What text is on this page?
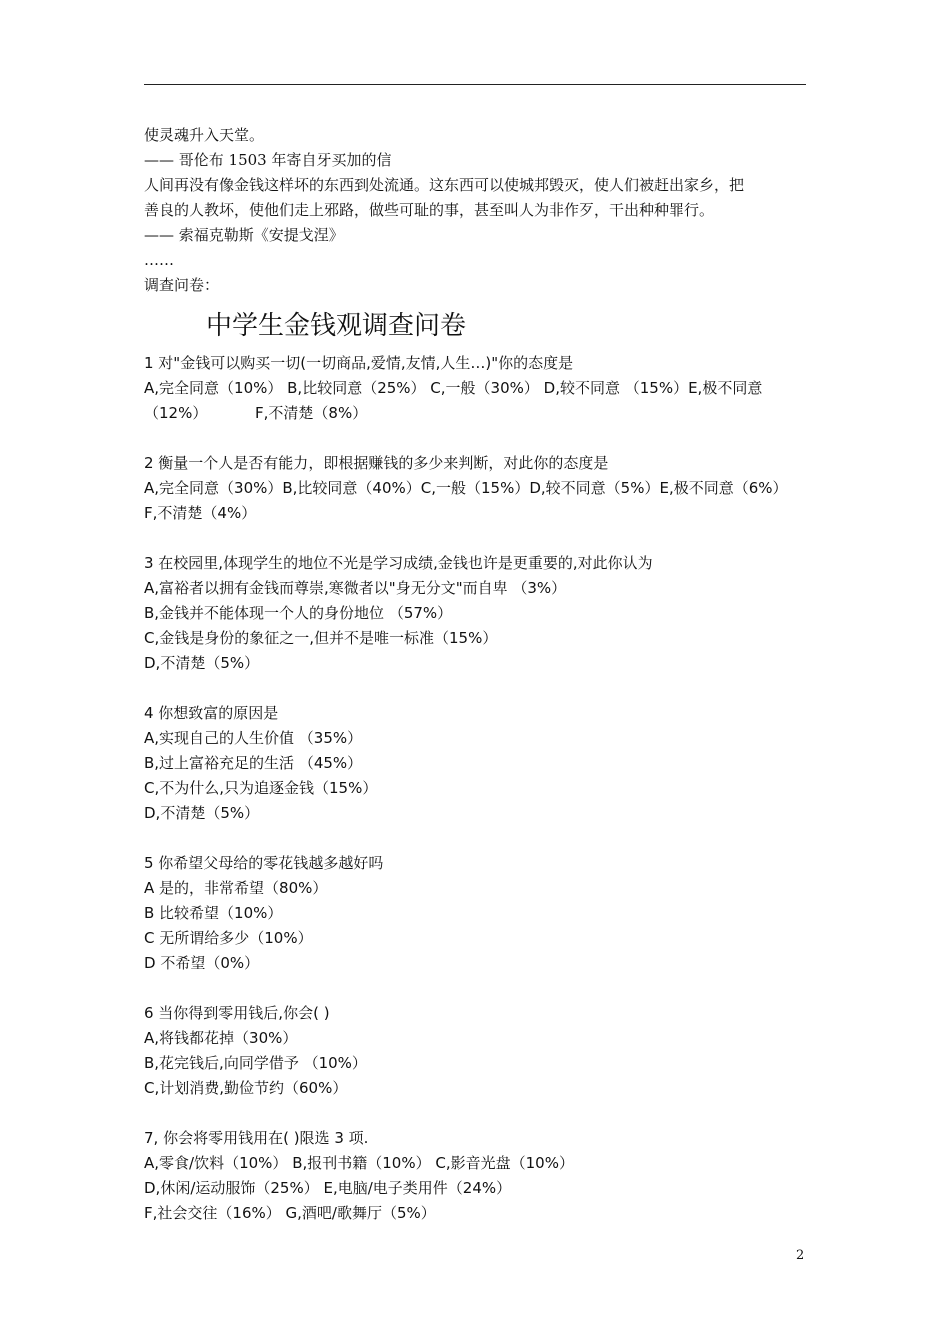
使灵魂升入天堂。
—— 哥伦布 1503 年寄自牙买加的信
人间再没有像金钱这样坏的东西到处流通。这东西可以使城邦毁灭，使人们被赶出家乡，把
善良的人教坏，使他们走上邪路，做些可耻的事，甚至叫人为非作歹，干出种种罪行。
—— 索福克勒斯《安提戈涅》
……
调查问卷：
中学生金钱观调查问卷
1 对"金钱可以购买一切(一切商品,爱情,友情,人生…)"你的态度是
A,完全同意（10%） B,比较同意（25%） C,一般（30%） D,较不同意 （15%）E,极不同意
（12%）          F,不清楚（8%）
2 衡量一个人是否有能力，即根据赚钱的多少来判断，对此你的态度是
A,完全同意（30%）B,比较同意（40%）C,一般（15%）D,较不同意（5%）E,极不同意（6%）
F,不清楚（4%）
3 在校园里,体现学生的地位不光是学习成绩,金钱也许是更重要的,对此你认为
A,富裕者以拥有金钱而尊崇,寒微者以"身无分文"而自卑 （3%）
B,金钱并不能体现一个人的身份地位 （57%）
C,金钱是身份的象征之一,但并不是唯一标准（15%）
D,不清楚（5%）
4 你想致富的原因是
A,实现自己的人生价值 （35%）
B,过上富裕充足的生活 （45%）
C,不为什么,只为追逐金钱（15%）
D,不清楚（5%）
5 你希望父母给的零花钱越多越好吗
A 是的，非常希望（80%）
B 比较希望（10%）
C 无所谓给多少（10%）
D 不希望（0%）
6 当你得到零用钱后,你会( )
A,将钱都花掉（30%）
B,花完钱后,向同学借予 （10%）
C,计划消费,勤俭节约（60%）
7, 你会将零用钱用在( )限选 3 项.
A,零食/饮料（10%） B,报刊书籍（10%） C,影音光盘（10%）
D,休闲/运动服饰（25%） E,电脑/电子类用件（24%）
F,社会交往（16%） G,酒吧/歌舞厅（5%）
2
